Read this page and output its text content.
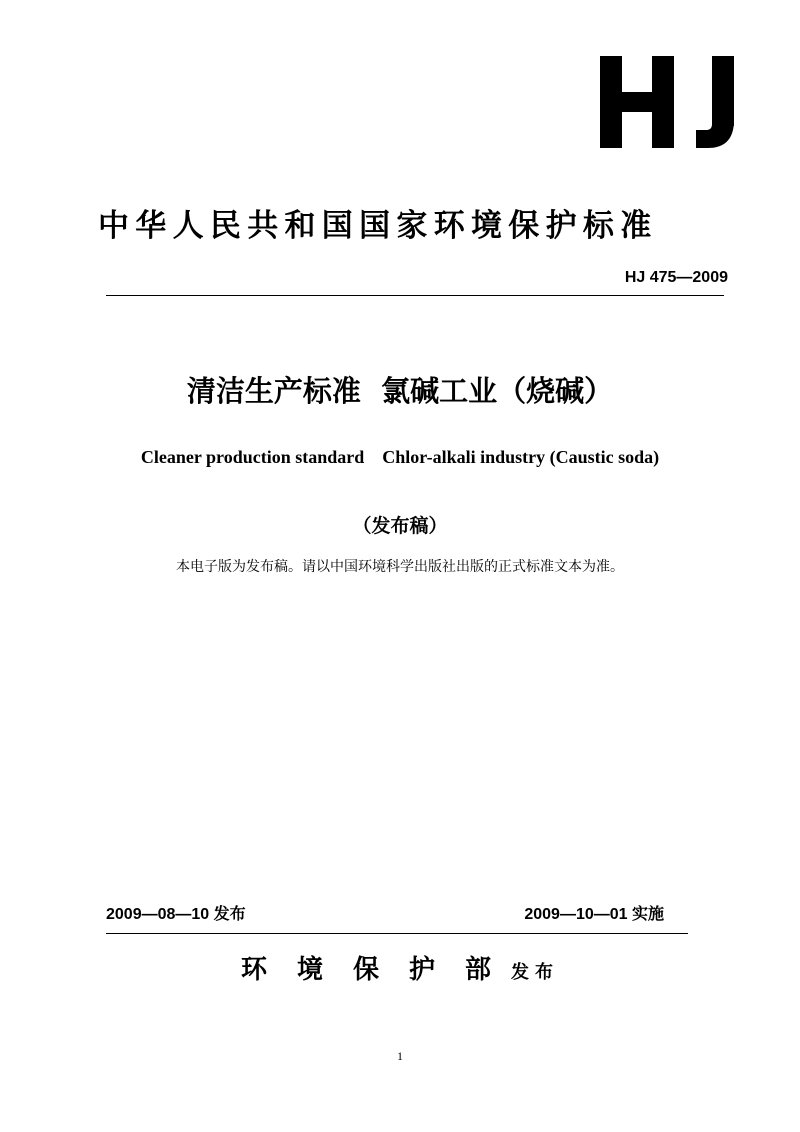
中华人民共和国国家环境保护标准
HJ 475—2009
清洁生产标准  氯碱工业（烧碱）
Cleaner production standard    Chlor-alkali industry (Caustic soda)
（发布稿）
本电子版为发布稿。请以中国环境科学出版社出版的正式标准文本为准。
2009—08—10 发布	2009—10—01 实施
环境保护部发布
1
